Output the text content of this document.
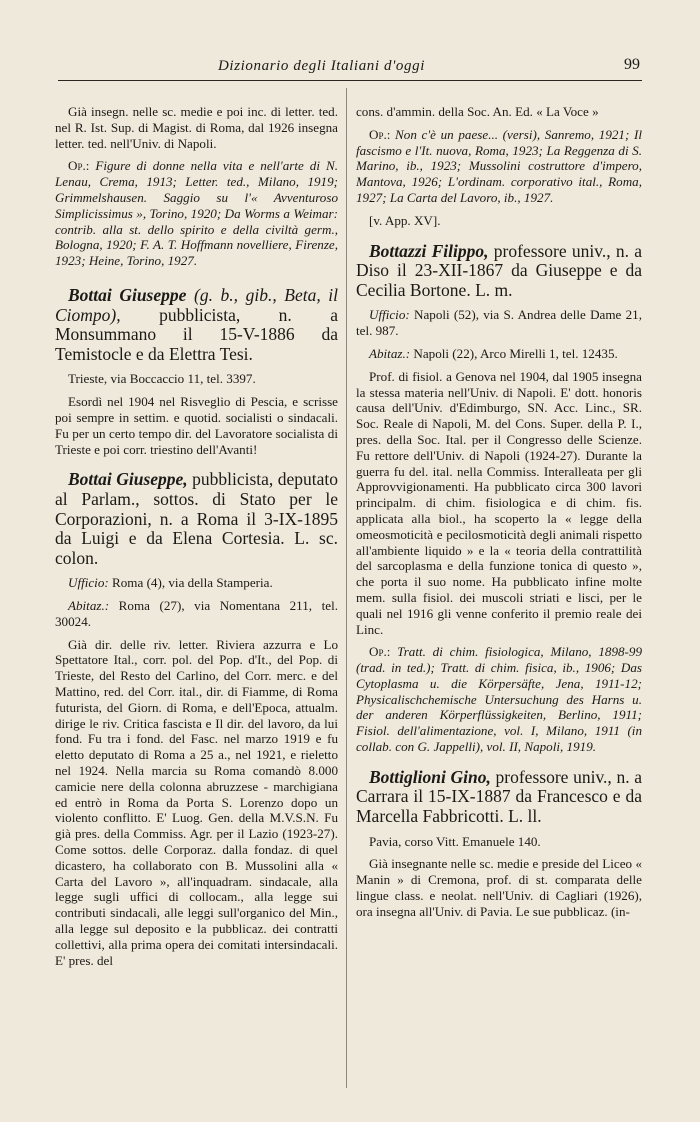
Dizionario degli Italiani d'oggi	99

Già insegn. nelle sc. medie e poi inc. di letter. ted. nel R. Ist. Sup. di Magist. di Roma, dal 1926 insegna letter. ted. nell'Univ. di Napoli.

Op.: Figure di donne nella vita e nell'arte di N. Lenau, Crema, 1913; Letter. ted., Milano, 1919; Grimmelshausen. Saggio su l'« Avventuroso Simplicissimus », Torino, 1920; Da Worms a Weimar: contrib. alla st. dello spirito e della civiltà germ., Bologna, 1920; F. A. T. Hoffmann novelliere, Firenze, 1923; Heine, Torino, 1927.

Bottai Giuseppe (g. b., gib., Beta, il Ciompo), pubblicista, n. a Monsummano il 15-V-1886 da Temistocle e da Elettra Tesi.

Trieste, via Boccaccio 11, tel. 3397.

Esordì nel 1904 nel Risveglio di Pescia, e scrisse poi sempre in settim. e quotid. socialisti o sindacali. Fu per un certo tempo dir. del Lavoratore socialista di Trieste e poi corr. triestino dell'Avanti!

Bottai Giuseppe, pubblicista, deputato al Parlam., sottos. di Stato per le Corporazioni, n. a Roma il 3-IX-1895 da Luigi e da Elena Cortesia. L. sc. colon.

Ufficio: Roma (4), via della Stamperia.

Abitaz.: Roma (27), via Nomentana 211, tel. 30024.

Già dir. delle riv. letter. Riviera azzurra e Lo Spettatore Ital., corr. pol. del Pop. d'It., del Pop. di Trieste, del Resto del Carlino, del Corr. merc. e del Mattino, red. del Corr. ital., dir. di Fiamme, di Roma futurista, del Giorn. di Roma, e dell'Epoca, attualm. dirige le riv. Critica fascista e Il dir. del lavoro, da lui fond. Fu tra i fond. del Fasc. nel marzo 1919 e fu eletto deputato di Roma a 25 a., nel 1921, e rieletto nel 1924. Nella marcia su Roma comandò 8.000 camicie nere della colonna abruzzese - marchigiana ed entrò in Roma da Porta S. Lorenzo dopo un violento conflitto. E' Luog. Gen. della M.V.S.N. Fu già pres. della Commiss. Agr. per il Lazio (1923-27). Come sottos. delle Corporaz. dalla fondaz. di quel dicastero, ha collaborato con B. Mussolini alla « Carta del Lavoro », all'inquadram. sindacale, alla legge sugli uffici di collocam., alla legge sui contributi sindacali, alle leggi sull'organico del Min., alla legge sul deposito e la pubblicaz. dei contratti collettivi, alla prima opera dei comitati intersindacali. E' pres. del

cons. d'ammin. della Soc. An. Ed. « La Voce »

Op.: Non c'è un paese... (versi), Sanremo, 1921; Il fascismo e l'It. nuova, Roma, 1923; La Reggenza di S. Marino, ib., 1923; Mussolini costruttore d'impero, Mantova, 1926; L'ordinam. corporativo ital., Roma, 1927; La Carta del Lavoro, ib., 1927.

[v. App. XV].

Bottazzi Filippo, professore univ., n. a Diso il 23-XII-1867 da Giuseppe e da Cecilia Bortone. L. m.

Ufficio: Napoli (52), via S. Andrea delle Dame 21, tel. 987.

Abitaz.: Napoli (22), Arco Mirelli 1, tel. 12435.

Prof. di fisiol. a Genova nel 1904, dal 1905 insegna la stessa materia nell'Univ. di Napoli. E' dott. honoris causa dell'Univ. d'Edimburgo, SN. Acc. Linc., SR. Soc. Reale di Napoli, M. del Cons. Super. della P. I., pres. della Soc. Ital. per il Congresso delle Scienze. Fu rettore dell'Univ. di Napoli (1924-27). Durante la guerra fu del. ital. nella Commiss. Interalleata per gli Approvvigionamenti. Ha pubblicato circa 300 lavori principalm. di chim. fisiologica e di chim. fis. applicata alla biol., ha scoperto la « legge della omeosmoticità e pecilosmoticità degli animali rispetto all'ambiente liquido » e la « teoria della contrattilità del sarcoplasma e della funzione tonica di questo », che porta il suo nome. Ha pubblicato infine molte mem. sulla fisiol. dei muscoli striati e lisci, per le quali nel 1916 gli venne conferito il premio reale dei Linc.

Op.: Tratt. di chim. fisiologica, Milano, 1898-99 (trad. in ted.); Tratt. di chim. fisica, ib., 1906; Das Cytoplasma u. die Körpersäfte, Jena, 1911-12; Physicalischchemische Untersuchung des Harns u. der anderen Körperflüssigkeiten, Berlino, 1911; Fisiol. dell'alimentazione, vol. I, Milano, 1911 (in collab. con G. Jappelli), vol. II, Napoli, 1919.

Bottiglioni Gino, professore univ., n. a Carrara il 15-IX-1887 da Francesco e da Marcella Fabbricotti. L. ll.

Pavia, corso Vitt. Emanuele 140.

Già insegnante nelle sc. medie e preside del Liceo « Manin » di Cremona, prof. di st. comparata delle lingue class. e neolat. nell'Univ. di Cagliari (1926), ora insegna all'Univ. di Pavia. Le sue pubblicaz. (in-
